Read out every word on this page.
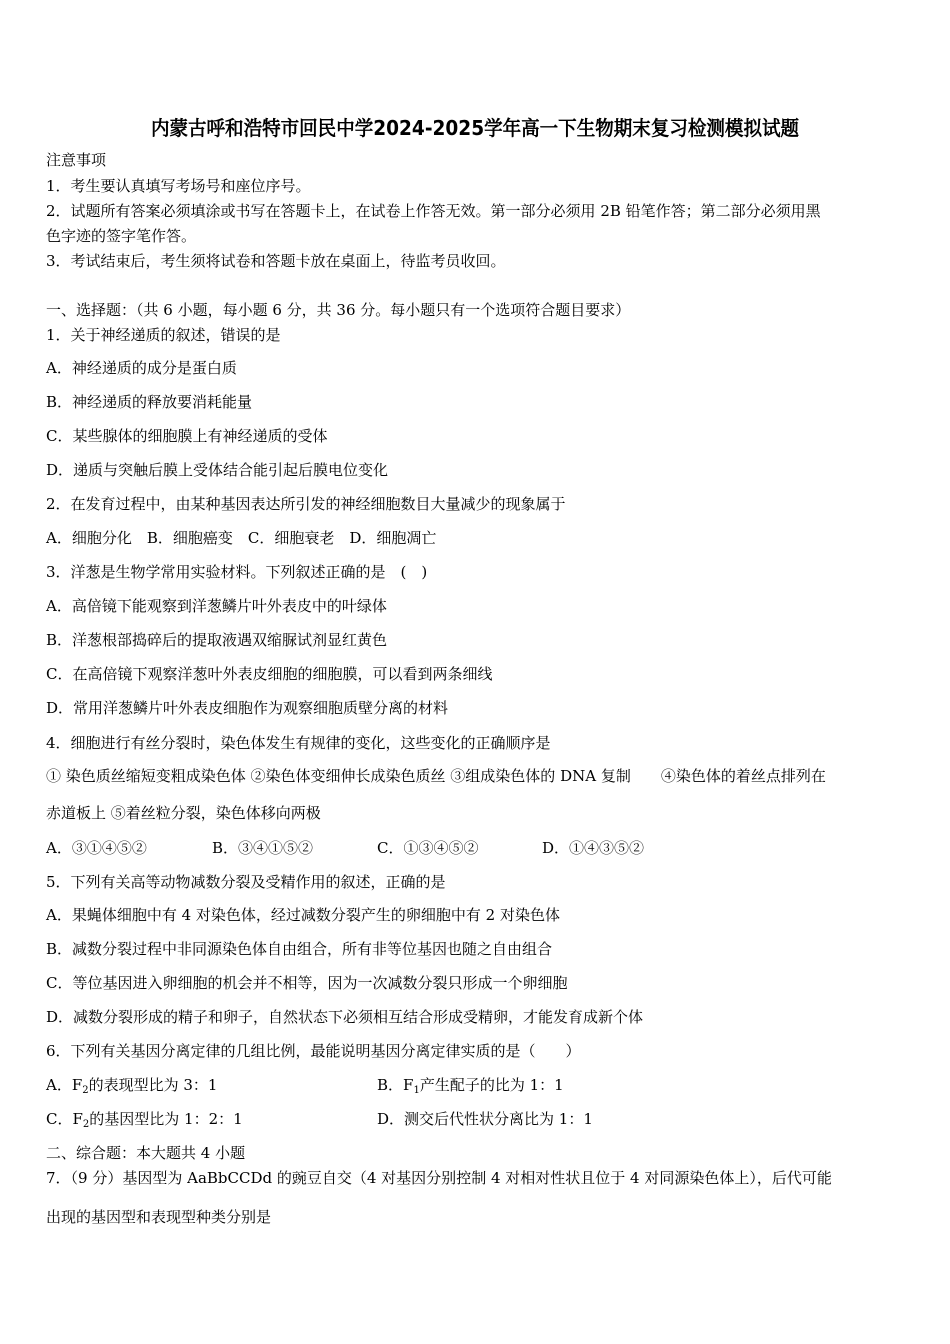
内蒙古呼和浩特市回民中学2024-2025学年高一下生物期末复习检测模拟试题
注意事项
1．考生要认真填写考场号和座位序号。
2．试题所有答案必须填涂或书写在答题卡上，在试卷上作答无效。第一部分必须用 2B 铅笔作答；第二部分必须用黑
色字迹的签字笔作答。
3．考试结束后，考生须将试卷和答题卡放在桌面上，待监考员收回。
一、选择题：（共 6 小题，每小题 6 分，共 36 分。每小题只有一个选项符合题目要求）
1．关于神经递质的叙述，错误的是
A．神经递质的成分是蛋白质
B．神经递质的释放要消耗能量
C．某些腺体的细胞膜上有神经递质的受体
D．递质与突触后膜上受体结合能引起后膜电位变化
2．在发育过程中，由某种基因表达所引发的神经细胞数目大量减少的现象属于
A．细胞分化　B．细胞癌变　C．细胞衰老　D．细胞凋亡
3．洋葱是生物学常用实验材料。下列叙述正确的是　(　)
A．高倍镜下能观察到洋葱鳞片叶外表皮中的叶绿体
B．洋葱根部捣碎后的提取液遇双缩脲试剂显红黄色
C．在高倍镜下观察洋葱叶外表皮细胞的细胞膜，可以看到两条细线
D．常用洋葱鳞片叶外表皮细胞作为观察细胞质壁分离的材料
4．细胞进行有丝分裂时，染色体发生有规律的变化，这些变化的正确顺序是
① 染色质丝缩短变粗成染色体 ②染色体变细伸长成染色质丝 ③组成染色体的 DNA 复制　　④染色体的着丝点排列在
赤道板上 ⑤着丝粒分裂，染色体移向两极
A．③①④⑤②	B．③④①⑤②	C．①③④⑤②	D．①④③⑤②
5．下列有关高等动物减数分裂及受精作用的叙述，正确的是
A．果蝇体细胞中有 4 对染色体，经过减数分裂产生的卵细胞中有 2 对染色体
B．减数分裂过程中非同源染色体自由组合，所有非等位基因也随之自由组合
C．等位基因进入卵细胞的机会并不相等，因为一次减数分裂只形成一个卵细胞
D．减数分裂形成的精子和卵子，自然状态下必须相互结合形成受精卵，才能发育成新个体
6．下列有关基因分离定律的几组比例，最能说明基因分离定律实质的是（　　）
A．$F_2$的表现型比为 3：1	B．$F_1$产生配子的比为 1：1
C．$F_2$的基因型比为 1：2：1	D．测交后代性状分离比为 1：1
二、综合题：本大题共 4 小题
7．（9 分）基因型为 AaBbCCDd 的豌豆自交（4 对基因分别控制 4 对相对性状且位于 4 对同源染色体上），后代可能
出现的基因型和表现型种类分别是
